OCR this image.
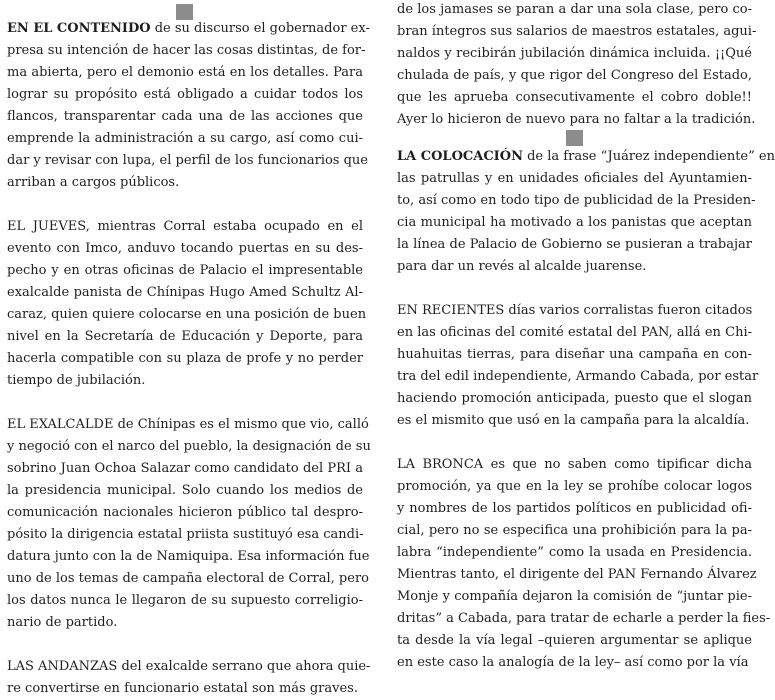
EN EL CONTENIDO de su discurso el gobernador ex-
presa su intención de hacer las cosas distintas, de for-
ma abierta, pero el demonio está en los detalles. Para
lograr su propósito está obligado a cuidar todos los
flancos, transparentar cada una de las acciones que
emprende la administración a su cargo, así como cui-
dar y revisar con lupa, el perfil de los funcionarios que
arriban a cargos públicos.
EL JUEVES, mientras Corral estaba ocupado en el
evento con Imco, anduvo tocando puertas en su des-
pecho y en otras oficinas de Palacio el impresentable
exalcalde panista de Chínipas Hugo Amed Schultz Al-
caraz, quien quiere colocarse en una posición de buen
nivel en la Secretaría de Educación y Deporte, para
hacerla compatible con su plaza de profe y no perder
tiempo de jubilación.
EL EXALCALDE de Chínipas es el mismo que vio, calló
y negoció con el narco del pueblo, la designación de su
sobrino Juan Ochoa Salazar como candidato del PRI a
la presidencia municipal. Solo cuando los medios de
comunicación nacionales hicieron público tal despro-
pósito la dirigencia estatal priista sustituyó esa candi-
datura junto con la de Namiquipa. Esa información fue
uno de los temas de campaña electoral de Corral, pero
los datos nunca le llegaron de su supuesto correligio-
nario de partido.
LAS ANDANZAS del exalcalde serrano que ahora quie-
re convertirse en funcionario estatal son más graves.
de los jamases se paran a dar una sola clase, pero co-
bran íntegros sus salarios de maestros estatales, agui-
naldos y recibirán jubilación dinámica incluida. ¡¡Qué
chulada de país, y que rigor del Congreso del Estado,
que les aprueba consecutivamente el cobro doble!!
Ayer lo hicieron de nuevo para no faltar a la tradición.
LA COLOCACIÓN de la frase “Juárez independiente” en
las patrullas y en unidades oficiales del Ayuntamien-
to, así como en todo tipo de publicidad de la Presiden-
cia municipal ha motivado a los panistas que aceptan
la línea de Palacio de Gobierno se pusieran a trabajar
para dar un revés al alcalde juarense.
EN RECIENTES días varios corralistas fueron citados
en las oficinas del comité estatal del PAN, allá en Chi-
huahuitas tierras, para diseñar una campaña en con-
tra del edil independiente, Armando Cabada, por estar
haciendo promoción anticipada, puesto que el slogan
es el mismito que usó en la campaña para la alcaldía.
LA BRONCA es que no saben como tipificar dicha
promoción, ya que en la ley se prohíbe colocar logos
y nombres de los partidos políticos en publicidad ofi-
cial, pero no se especifica una prohibición para la pa-
labra “independiente” como la usada en Presidencia.
Mientras tanto, el dirigente del PAN Fernando Álvarez
Monje y compañía dejaron la comisión de “juntar pie-
dritas” a Cabada, para tratar de echarle a perder la fies-
ta desde la vía legal –quieren argumentar se aplique
en este caso la analogía de la ley– así como por la vía
